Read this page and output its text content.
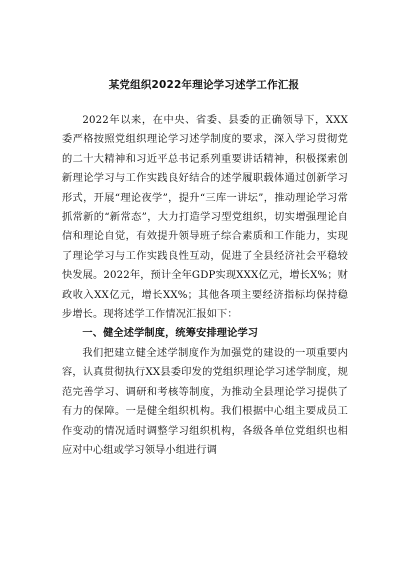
某党组织2022年理论学习述学工作汇报

2022年以来，在中央、省委、县委的正确领导下，XXX委严格按照党组织理论学习述学制度的要求，深入学习贯彻党的二十大精神和习近平总书记系列重要讲话精神，积极探索创新理论学习与工作实践良好结合的述学履职载体通过创新学习形式，开展“理论夜学”，提升“三库一讲坛”，推动理论学习常抓常新的“新常态”，大力打造学习型党组织，切实增强理论自信和理论自觉，有效提升领导班子综合素质和工作能力，实现了理论学习与工作实践良性互动，促进了全县经济社会平稳较快发展。2022年，预计全年GDP实现XXX亿元，增长X%；财政收入XX亿元，增长XX%；其他各项主要经济指标均保持稳步增长。现将述学工作情况汇报如下：

一、健全述学制度，统筹安排理论学习

我们把建立健全述学制度作为加强党的建设的一项重要内容，认真贯彻执行XX县委印发的党组织理论学习述学制度，规范完善学习、调研和考核等制度，为推动全县理论学习提供了有力的保障。一是健全组织机构。我们根据中心组主要成员工作变动的情况适时调整学习组织机构，各级各单位党组织也相应对中心组或学习领导小组进行调
